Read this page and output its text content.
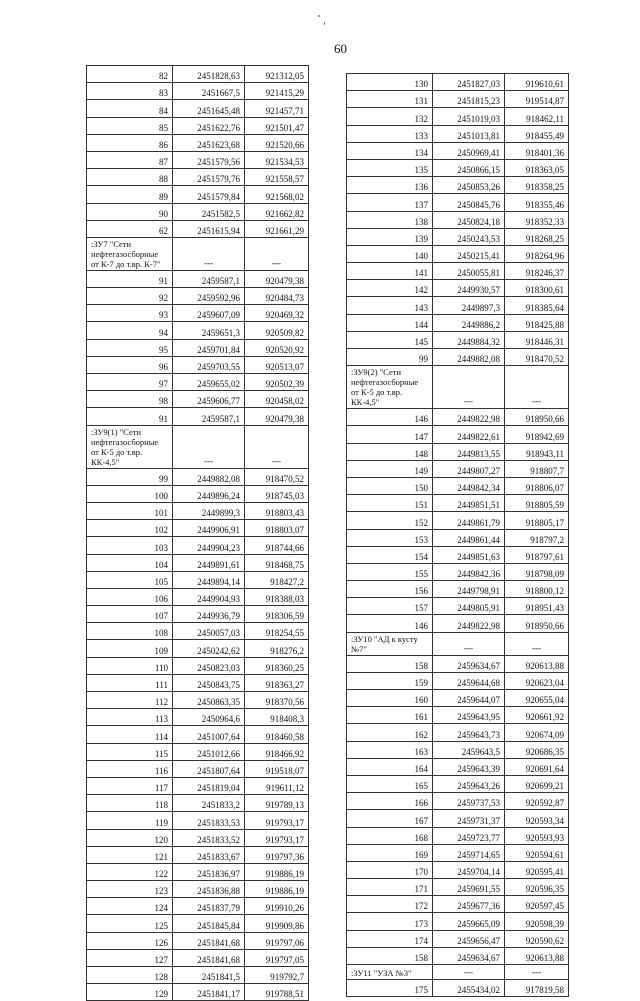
60
82	2451828,63	921312,05
83	2451667,5	921415,29
84	2451645,48	921457,71
85	2451622,76	921501,47
86	2451623,68	921520,66
87	2451579,56	921534,53
88	2451579,76	921558,57
89	2451579,84	921568,02
90	2451582,5	921662,82
62	2451615,94	921661,29
:ЗУ7 "Сети нефтегазосборные от К-7 до т.вр. К-7"	---	---
91	2459587,1	920479,38
92	2459592,96	920484,73
93	2459607,09	920469,32
94	2459651,3	920509,82
95	2459701,84	920520,92
96	2459703,55	920513,07
97	2459655,02	920502,39
98	2459606,77	920458,02
91	2459587,1	920479,38
:ЗУ9(1) "Сети нефтегазосборные от К-5 до т.вр. КК-4,5"	---	---
99	2449882,08	918470,52
100	2449896,24	918745,03
101	2449899,3	918803,43
102	2449906,91	918803,07
103	2449904,23	918744,66
104	2449891,61	918468,75
105	2449894,14	918427,2
106	2449904,93	918388,03
107	2449936,79	918306,59
108	2450057,03	918254,55
109	2450242,62	918276,2
110	2450823,03	918360,25
111	2450843,75	918363,27
112	2450863,35	918370,56
113	2450964,6	918408,3
114	2451007,64	918460,58
115	2451012,66	918466,92
116	2451807,64	919518,07
117	2451819,04	919611,12
118	2451833,2	919789,13
119	2451833,53	919793,17
120	2451833,52	919793,17
121	2451833,67	919797,36
122	2451836,97	919886,19
123	2451836,88	919886,19
124	2451837,79	919910,26
125	2451845,84	919909,86
126	2451841,68	919797,06
127	2451841,68	919797,05
128	2451841,5	919792,7
129	2451841,17	919788,51
130	2451827,03	919610,61
131	2451815,23	919514,87
132	2451019,03	918462,11
133	2451013,81	918455,49
134	2450969,41	918401,36
135	2450866,15	918363,05
136	2450853,26	918358,25
137	2450845,76	918355,46
138	2450824,18	918352,33
139	2450243,53	918268,25
140	2450215,41	918264,96
141	2450055,81	918246,37
142	2449930,57	918300,61
143	2449897,3	918385,64
144	2449886,2	918425,88
145	2449884,32	918446,31
99	2449882,08	918470,52
:ЗУ9(2) "Сети нефтегазосборные от К-5 до т.вр. КК-4,5"	---	---
146	2449822,98	918950,66
147	2449822,61	918942,69
148	2449813,55	918943,11
149	2449807,27	918807,7
150	2449842,34	918806,07
151	2449851,51	918805,59
152	2449861,79	918805,17
153	2449861,44	918797,2
154	2449851,63	918797,61
155	2449842,36	918798,09
156	2449798,91	918800,12
157	2449805,91	918951,43
146	2449822,98	918950,66
:ЗУ10 "АД к кусту №7"	---	---
158	2459634,67	920613,88
159	2459644,68	920623,04
160	2459644,07	920655,04
161	2459643,95	920661,92
162	2459643,73	920674,09
163	2459643,5	920686,35
164	2459643,39	920691,64
165	2459643,26	920699,21
166	2459737,53	920592,87
167	2459731,37	920593,34
168	2459723,77	920593,93
169	2459714,65	920594,61
170	2459704,14	920595,41
171	2459691,55	920596,35
172	2459677,36	920597,45
173	2459665,09	920598,39
174	2459656,47	920590,62
158	2459634,67	920613,88
:ЗУ11 "УЗА №3"	---	---
175	2455434,02	917819,58
